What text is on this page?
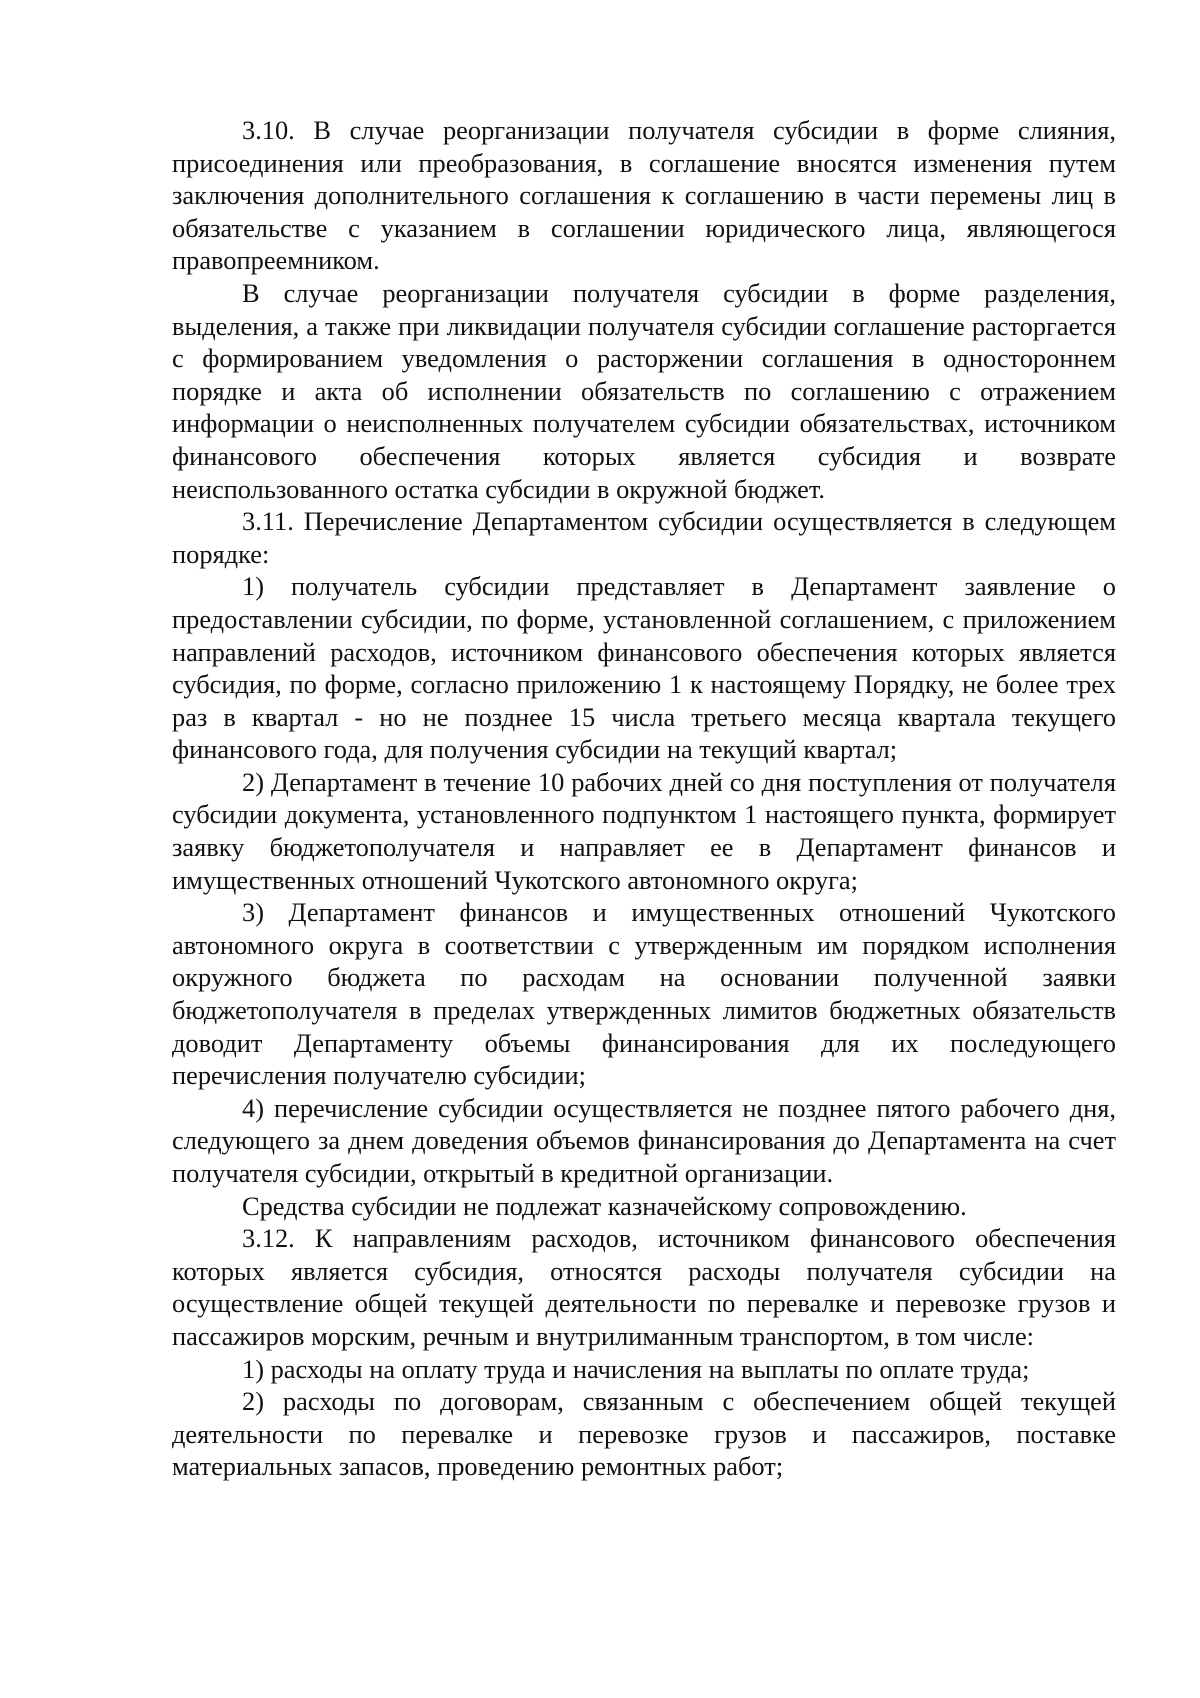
3.10. В случае реорганизации получателя субсидии в форме слияния, присоединения или преобразования, в соглашение вносятся изменения путем заключения дополнительного соглашения к соглашению в части перемены лиц в обязательстве с указанием в соглашении юридического лица, являющегося правопреемником.

В случае реорганизации получателя субсидии в форме разделения, выделения, а также при ликвидации получателя субсидии соглашение расторгается с формированием уведомления о расторжении соглашения в одностороннем порядке и акта об исполнении обязательств по соглашению с отражением информации о неисполненных получателем субсидии обязательствах, источником финансового обеспечения которых является субсидия и возврате неиспользованного остатка субсидии в окружной бюджет.

3.11. Перечисление Департаментом субсидии осуществляется в следующем порядке:

1) получатель субсидии представляет в Департамент заявление о предоставлении субсидии, по форме, установленной соглашением, с приложением направлений расходов, источником финансового обеспечения которых является субсидия, по форме, согласно приложению 1 к настоящему Порядку, не более трех раз в квартал - но не позднее 15 числа третьего месяца квартала текущего финансового года, для получения субсидии на текущий квартал;

2) Департамент в течение 10 рабочих дней со дня поступления от получателя субсидии документа, установленного подпунктом 1 настоящего пункта, формирует заявку бюджетополучателя и направляет ее в Департамент финансов и имущественных отношений Чукотского автономного округа;

3) Департамент финансов и имущественных отношений Чукотского автономного округа в соответствии с утвержденным им порядком исполнения окружного бюджета по расходам на основании полученной заявки бюджетополучателя в пределах утвержденных лимитов бюджетных обязательств доводит Департаменту объемы финансирования для их последующего перечисления получателю субсидии;

4) перечисление субсидии осуществляется не позднее пятого рабочего дня, следующего за днем доведения объемов финансирования до Департамента на счет получателя субсидии, открытый в кредитной организации.

Средства субсидии не подлежат казначейскому сопровождению.

3.12. К направлениям расходов, источником финансового обеспечения которых является субсидия, относятся расходы получателя субсидии на осуществление общей текущей деятельности по перевалке и перевозке грузов и пассажиров морским, речным и внутрилиманным транспортом, в том числе:

1) расходы на оплату труда и начисления на выплаты по оплате труда;

2) расходы по договорам, связанным с обеспечением общей текущей деятельности по перевалке и перевозке грузов и пассажиров, поставке материальных запасов, проведению ремонтных работ;
